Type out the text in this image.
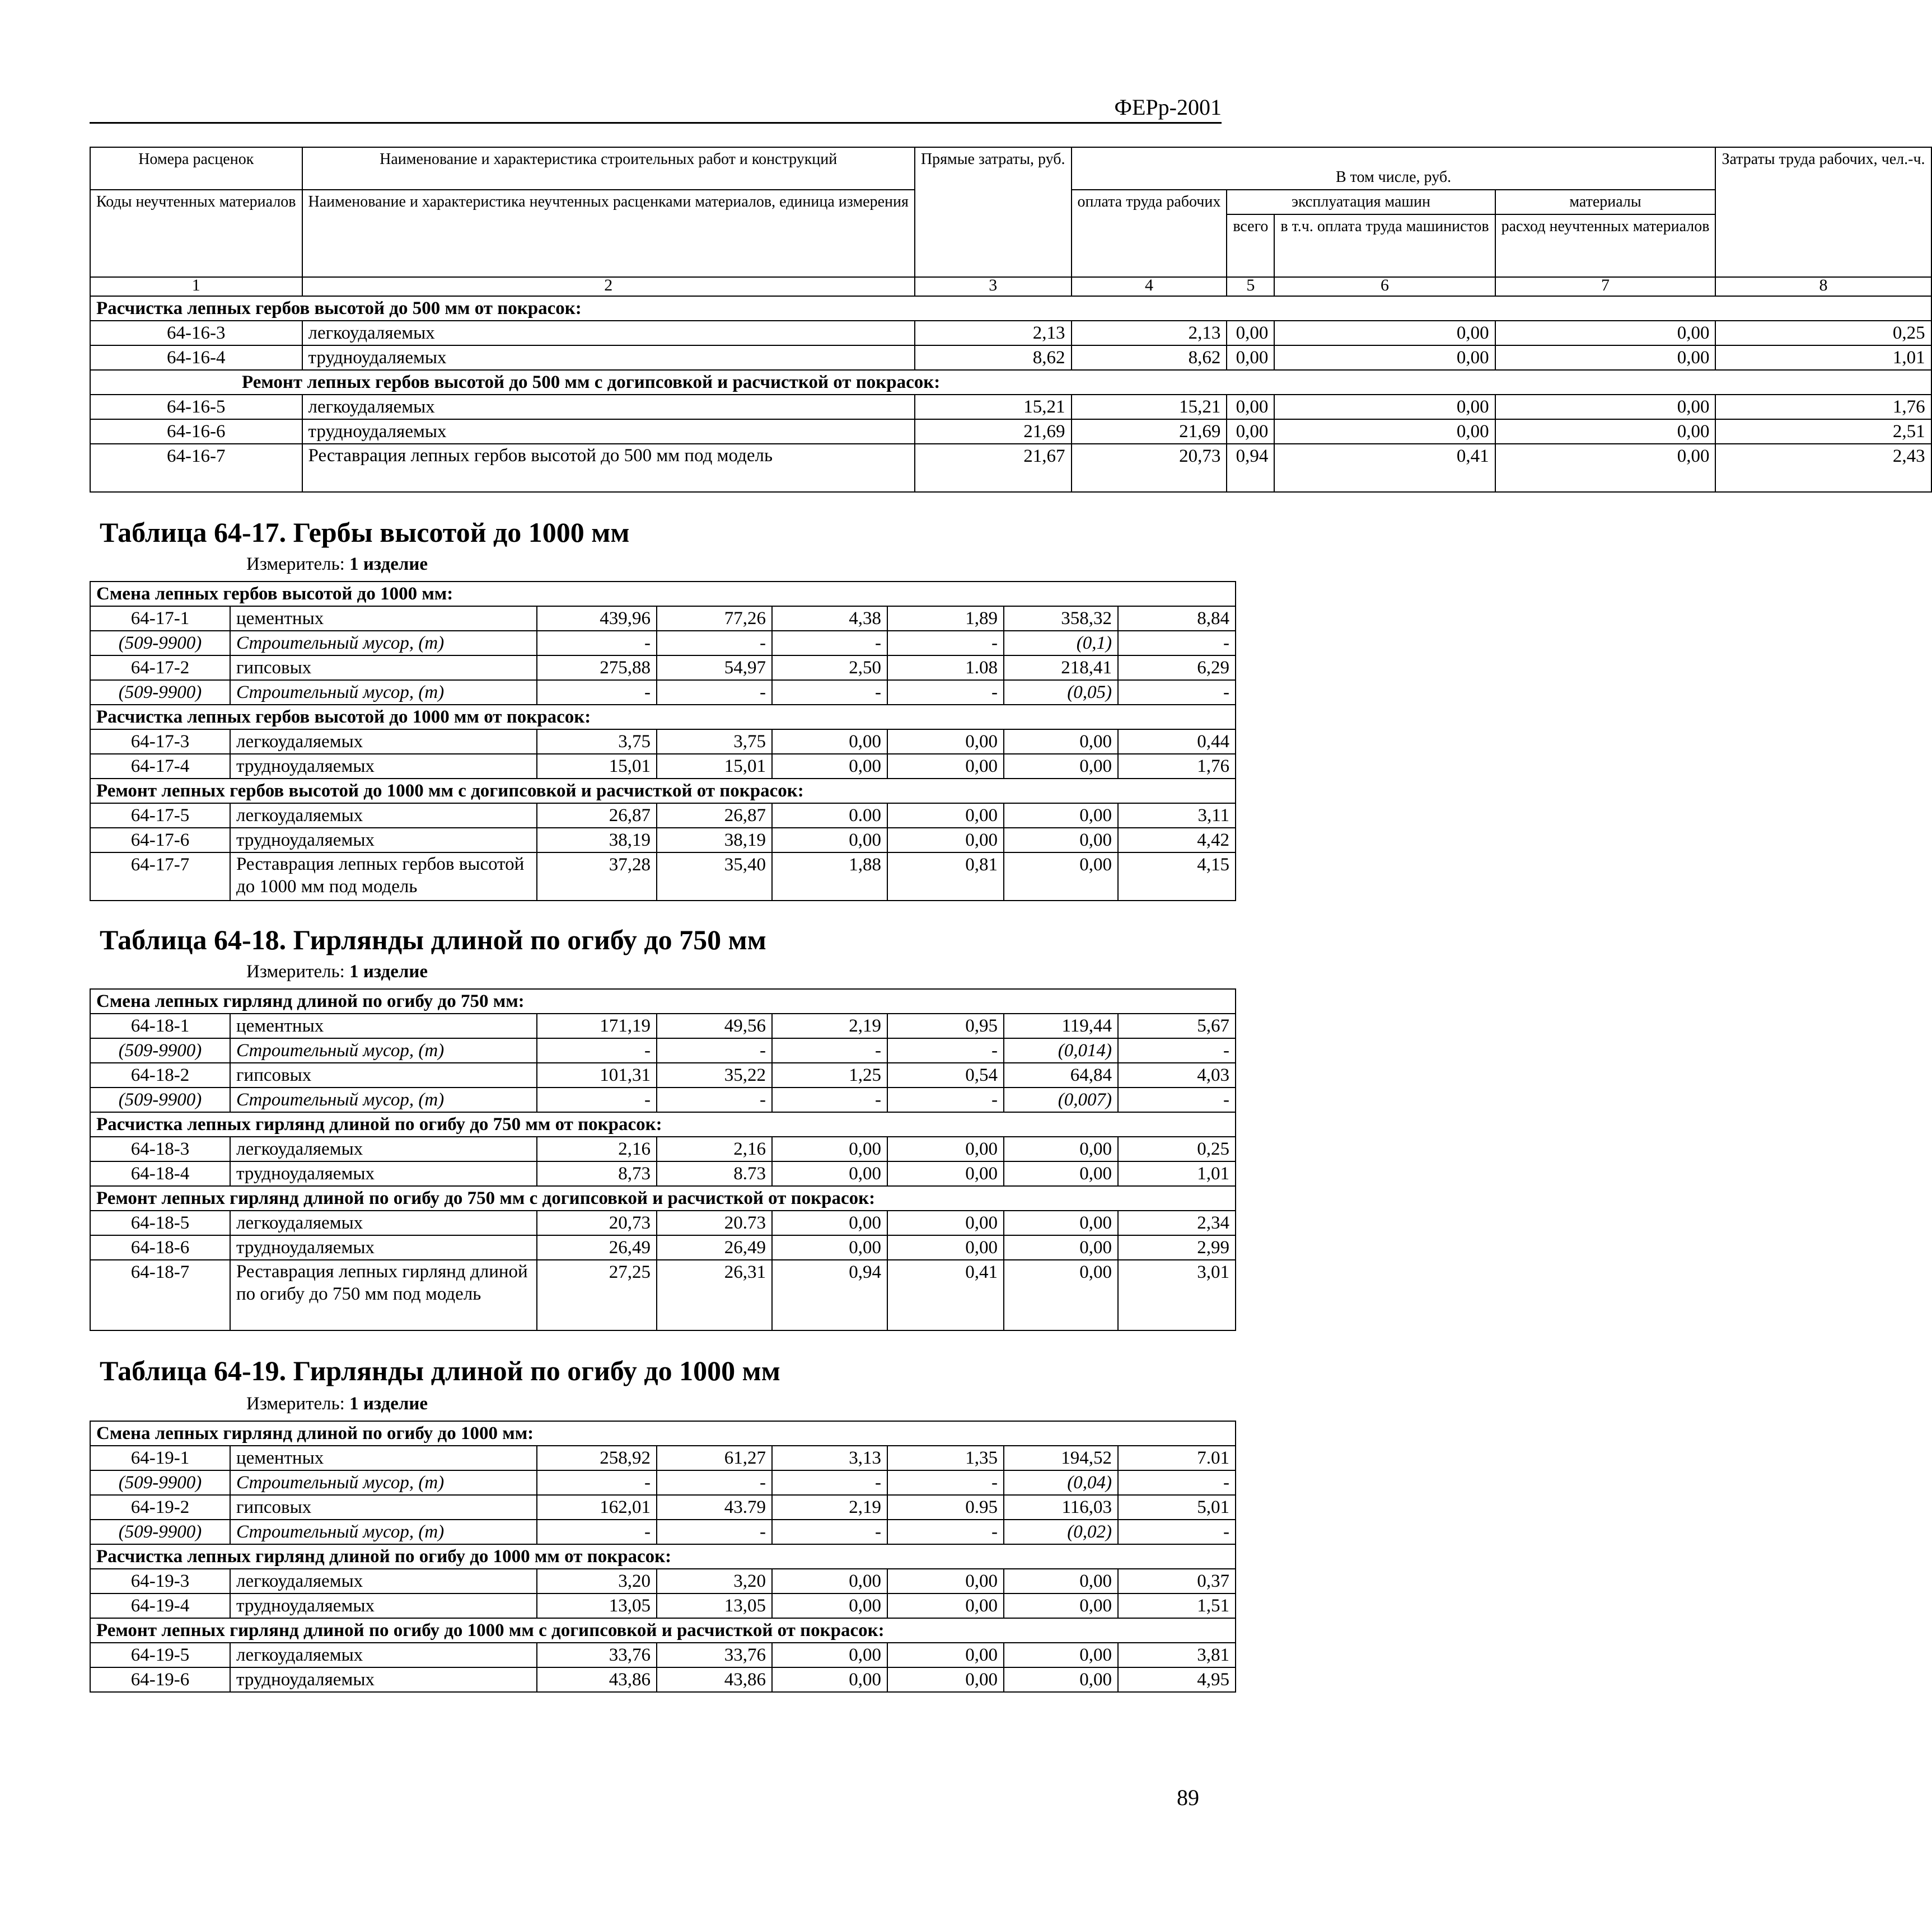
ФЕРр-2001
Номера расценок	Наименование и характеристика строительных работ и конструкций	Прямые затраты, руб.	В том числе, руб.				Затраты труда рабочих, чел.-ч.
Коды неучтенных материалов	Наименование и характеристика неучтенных расценками материалов, единица измерения		оплата труда рабочих	эксплуатация машин		материалы	
				всего	в т.ч. оплата труда машинистов	расход неучтенных материалов	
1	2	3	4	5	6	7	8
Расчистка лепных гербов высотой до 500 мм от покрасок:							
64-16-3	легкоудаляемых	2,13	2,13	0,00	0,00	0,00	0,25
64-16-4	трудноудаляемых	8,62	8,62	0,00	0,00	0,00	1,01
Ремонт лепных гербов высотой до 500 мм с догипсовкой и расчисткой от покрасок:							
64-16-5	легкоудаляемых	15,21	15,21	0,00	0,00	0,00	1,76
64-16-6	трудноудаляемых	21,69	21,69	0,00	0,00	0,00	2,51
64-16-7	Реставрация лепных гербов высотой до 500 мм под модель	21,67	20,73	0,94	0,41	0,00	2,43
Таблица 64-17. Гербы высотой до 1000 мм
Измеритель: 1 изделие
Смена лепных гербов высотой до 1000 мм:							
64-17-1	цементных	439,96	77,26	4,38	1,89	358,32	8,84
(509-9900)	Строительный мусор, (т)	-	-	-	-	(0,1)	-
64-17-2	гипсовых	275,88	54,97	2,50	1.08	218,41	6,29
(509-9900)	Строительный мусор, (т)	-	-	-	-	(0,05)	-
Расчистка лепных гербов высотой до 1000 мм от покрасок:							
64-17-3	легкоудаляемых	3,75	3,75	0,00	0,00	0,00	0,44
64-17-4	трудноудаляемых	15,01	15,01	0,00	0,00	0,00	1,76
Ремонт лепных гербов высотой до 1000 мм с догипсовкой и расчисткой от покрасок:							
64-17-5	легкоудаляемых	26,87	26,87	0.00	0,00	0,00	3,11
64-17-6	трудноудаляемых	38,19	38,19	0,00	0,00	0,00	4,42
64-17-7	Реставрация лепных гербов высотой до 1000 мм под модель	37,28	35,40	1,88	0,81	0,00	4,15
Таблица 64-18. Гирлянды длиной по огибу до 750 мм
Измеритель: 1 изделие
Смена лепных гирлянд длиной по огибу до 750 мм:							
64-18-1	цементных	171,19	49,56	2,19	0,95	119,44	5,67
(509-9900)	Строительный мусор, (т)	-	-	-	-	(0,014)	-
64-18-2	гипсовых	101,31	35,22	1,25	0,54	64,84	4,03
(509-9900)	Строительный мусор, (т)	-	-	-	-	(0,007)	-
Расчистка лепных гирлянд длиной по огибу до 750 мм от покрасок:							
64-18-3	легкоудаляемых	2,16	2,16	0,00	0,00	0,00	0,25
64-18-4	трудноудаляемых	8,73	8.73	0,00	0,00	0,00	1,01
Ремонт лепных гирлянд длиной по огибу до 750 мм с догипсовкой и расчисткой от покрасок:							
64-18-5	легкоудаляемых	20,73	20.73	0,00	0,00	0,00	2,34
64-18-6	трудноудаляемых	26,49	26,49	0,00	0,00	0,00	2,99
64-18-7	Реставрация лепных гирлянд длиной по огибу до 750 мм под модель	27,25	26,31	0,94	0,41	0,00	3,01
Таблица 64-19. Гирлянды длиной по огибу до 1000 мм
Измеритель: 1 изделие
Смена лепных гирлянд длиной по огибу до 1000 мм:							
64-19-1	цементных	258,92	61,27	3,13	1,35	194,52	7.01
(509-9900)	Строительный мусор, (т)	-	-	-	-	(0,04)	-
64-19-2	гипсовых	162,01	43.79	2,19	0.95	116,03	5,01
(509-9900)	Строительный мусор, (т)	-	-	-	-	(0,02)	-
Расчистка лепных гирлянд длиной по огибу до 1000 мм от покрасок:							
64-19-3	легкоудаляемых	3,20	3,20	0,00	0,00	0,00	0,37
64-19-4	трудноудаляемых	13,05	13,05	0,00	0,00	0,00	1,51
Ремонт лепных гирлянд длиной по огибу до 1000 мм с догипсовкой и расчисткой от покрасок:							
64-19-5	легкоудаляемых	33,76	33,76	0,00	0,00	0,00	3,81
64-19-6	трудноудаляемых	43,86	43,86	0,00	0,00	0,00	4,95
89
